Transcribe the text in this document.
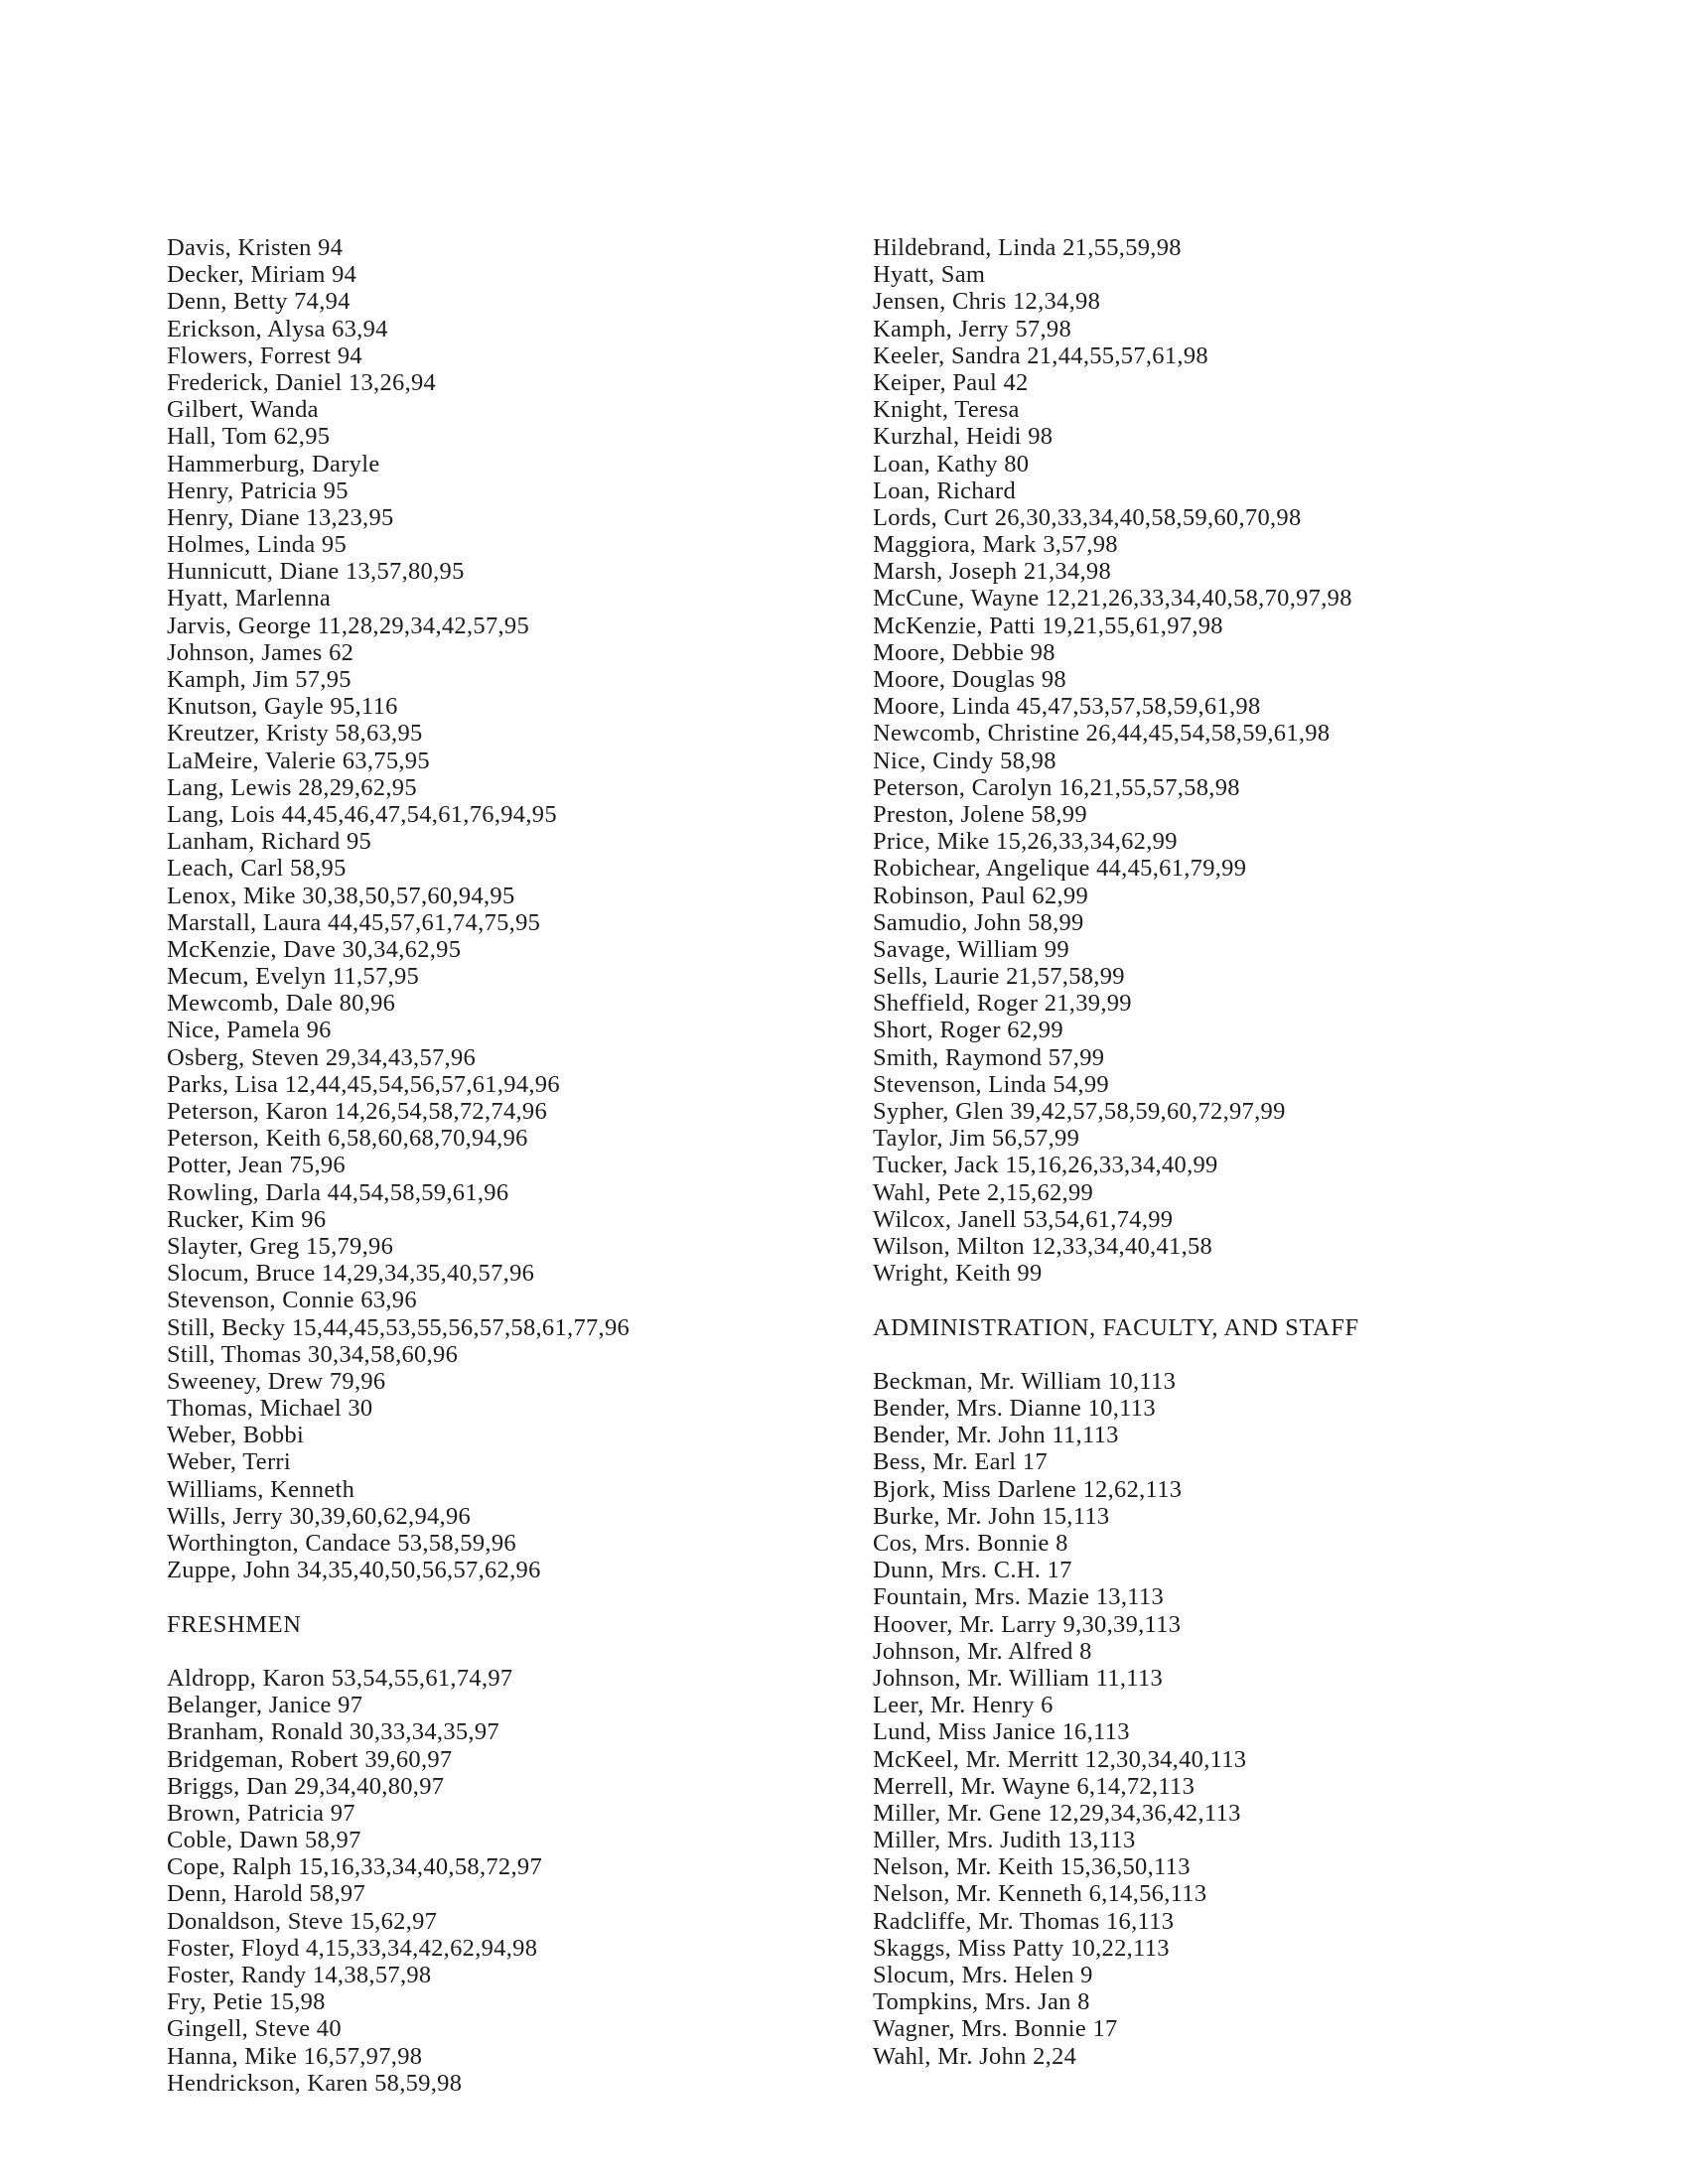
Davis, Kristen 94
Decker, Miriam 94
Denn, Betty 74,94
Erickson, Alysa 63,94
Flowers, Forrest 94
Frederick, Daniel 13,26,94
Gilbert, Wanda
Hall, Tom 62,95
Hammerburg, Daryle
Henry, Patricia 95
Henry, Diane 13,23,95
Holmes, Linda 95
Hunnicutt, Diane 13,57,80,95
Hyatt, Marlenna
Jarvis, George 11,28,29,34,42,57,95
Johnson, James 62
Kamph, Jim 57,95
Knutson, Gayle 95,116
Kreutzer, Kristy 58,63,95
LaMeire, Valerie 63,75,95
Lang, Lewis 28,29,62,95
Lang, Lois 44,45,46,47,54,61,76,94,95
Lanham, Richard 95
Leach, Carl 58,95
Lenox, Mike 30,38,50,57,60,94,95
Marstall, Laura 44,45,57,61,74,75,95
McKenzie, Dave 30,34,62,95
Mecum, Evelyn 11,57,95
Mewcomb, Dale 80,96
Nice, Pamela 96
Osberg, Steven 29,34,43,57,96
Parks, Lisa 12,44,45,54,56,57,61,94,96
Peterson, Karon 14,26,54,58,72,74,96
Peterson, Keith 6,58,60,68,70,94,96
Potter, Jean 75,96
Rowling, Darla 44,54,58,59,61,96
Rucker, Kim 96
Slayter, Greg 15,79,96
Slocum, Bruce 14,29,34,35,40,57,96
Stevenson, Connie 63,96
Still, Becky 15,44,45,53,55,56,57,58,61,77,96
Still, Thomas 30,34,58,60,96
Sweeney, Drew 79,96
Thomas, Michael 30
Weber, Bobbi
Weber, Terri
Williams, Kenneth
Wills, Jerry 30,39,60,62,94,96
Worthington, Candace 53,58,59,96
Zuppe, John 34,35,40,50,56,57,62,96
FRESHMEN
Aldropp, Karon 53,54,55,61,74,97
Belanger, Janice 97
Branham, Ronald 30,33,34,35,97
Bridgeman, Robert 39,60,97
Briggs, Dan 29,34,40,80,97
Brown, Patricia 97
Coble, Dawn 58,97
Cope, Ralph 15,16,33,34,40,58,72,97
Denn, Harold 58,97
Donaldson, Steve 15,62,97
Foster, Floyd 4,15,33,34,42,62,94,98
Foster, Randy 14,38,57,98
Fry, Petie 15,98
Gingell, Steve 40
Hanna, Mike 16,57,97,98
Hendrickson, Karen 58,59,98
Hildebrand, Linda 21,55,59,98
Hyatt, Sam
Jensen, Chris 12,34,98
Kamph, Jerry 57,98
Keeler, Sandra 21,44,55,57,61,98
Keiper, Paul 42
Knight, Teresa
Kurzhal, Heidi 98
Loan, Kathy 80
Loan, Richard
Lords, Curt 26,30,33,34,40,58,59,60,70,98
Maggiora, Mark 3,57,98
Marsh, Joseph 21,34,98
McCune, Wayne 12,21,26,33,34,40,58,70,97,98
McKenzie, Patti 19,21,55,61,97,98
Moore, Debbie 98
Moore, Douglas 98
Moore, Linda 45,47,53,57,58,59,61,98
Newcomb, Christine 26,44,45,54,58,59,61,98
Nice, Cindy 58,98
Peterson, Carolyn 16,21,55,57,58,98
Preston, Jolene 58,99
Price, Mike 15,26,33,34,62,99
Robichear, Angelique 44,45,61,79,99
Robinson, Paul 62,99
Samudio, John 58,99
Savage, William 99
Sells, Laurie 21,57,58,99
Sheffield, Roger 21,39,99
Short, Roger 62,99
Smith, Raymond 57,99
Stevenson, Linda 54,99
Sypher, Glen 39,42,57,58,59,60,72,97,99
Taylor, Jim 56,57,99
Tucker, Jack 15,16,26,33,34,40,99
Wahl, Pete 2,15,62,99
Wilcox, Janell 53,54,61,74,99
Wilson, Milton 12,33,34,40,41,58
Wright, Keith 99
ADMINISTRATION, FACULTY, AND STAFF
Beckman, Mr. William 10,113
Bender, Mrs. Dianne 10,113
Bender, Mr. John 11,113
Bess, Mr. Earl 17
Bjork, Miss Darlene 12,62,113
Burke, Mr. John 15,113
Cos, Mrs. Bonnie 8
Dunn, Mrs. C.H. 17
Fountain, Mrs. Mazie 13,113
Hoover, Mr. Larry 9,30,39,113
Johnson, Mr. Alfred 8
Johnson, Mr. William 11,113
Leer, Mr. Henry 6
Lund, Miss Janice 16,113
McKeel, Mr. Merritt 12,30,34,40,113
Merrell, Mr. Wayne 6,14,72,113
Miller, Mr. Gene 12,29,34,36,42,113
Miller, Mrs. Judith 13,113
Nelson, Mr. Keith 15,36,50,113
Nelson, Mr. Kenneth 6,14,56,113
Radcliffe, Mr. Thomas 16,113
Skaggs, Miss Patty 10,22,113
Slocum, Mrs. Helen 9
Tompkins, Mrs. Jan 8
Wagner, Mrs. Bonnie 17
Wahl, Mr. John 2,24
